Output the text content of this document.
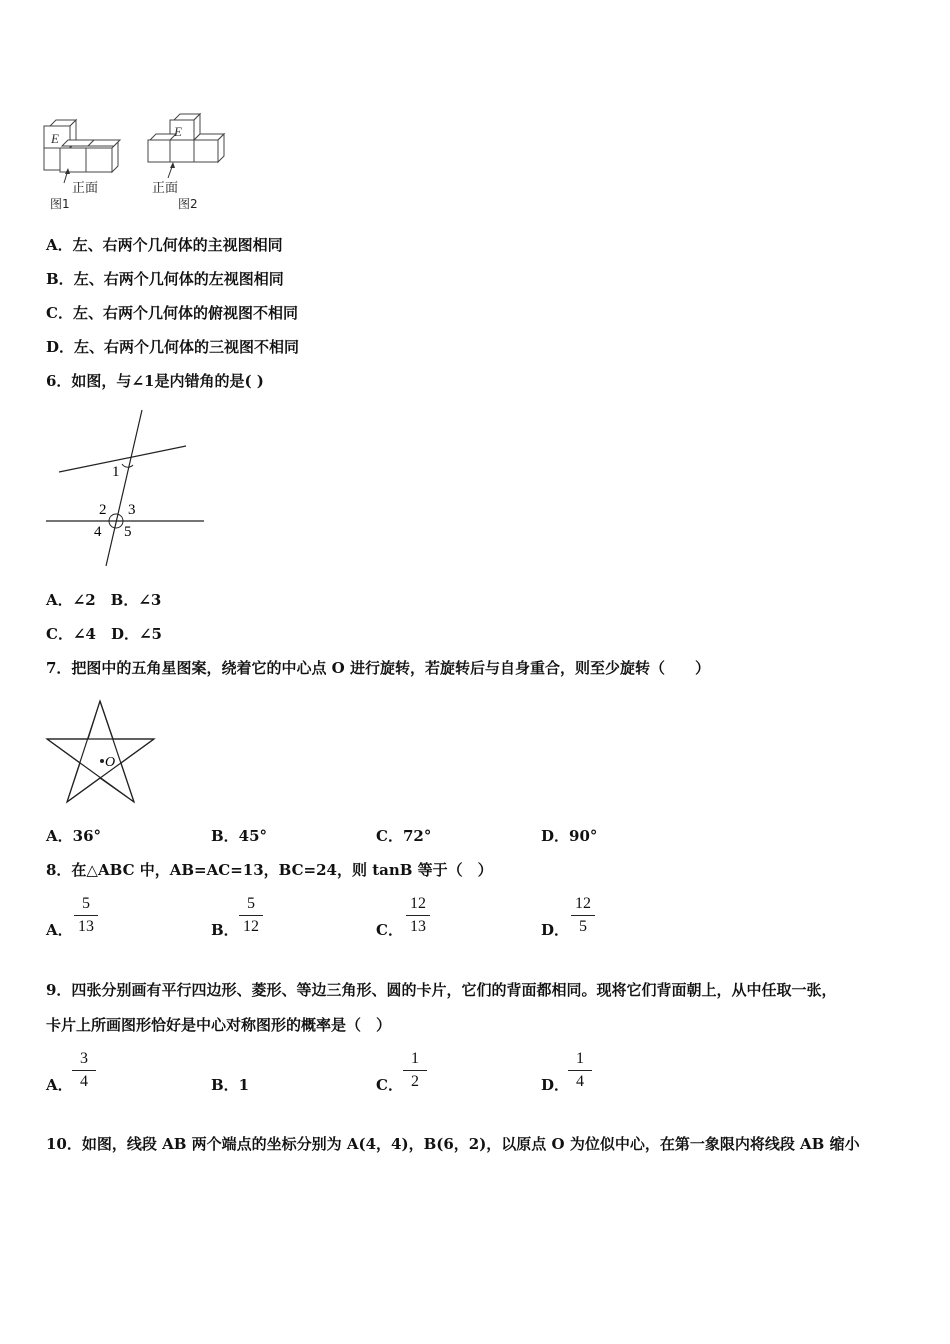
E
正面
图1
E
正面
图2
A．左、右两个几何体的主视图相同
B．左、右两个几何体的左视图相同
C．左、右两个几何体的俯视图不相同
D．左、右两个几何体的三视图不相同
6．如图，与∠1是内错角的是( )
1
2 3
4 5
A．∠2　B．∠3
C．∠4　D．∠5
7．把图中的五角星图案，绕着它的中心点 O 进行旋转，若旋转后与自身重合，则至少旋转（　　）
O
A．36°	B．45°	C．72°	D．90°
8．在△ABC 中，AB=AC=13，BC=24，则 tanB 等于（　）
A． $\frac{5}{13}$	B． $\frac{5}{12}$	C． $\frac{12}{13}$	D． $\frac{12}{5}$
9．四张分别画有平行四边形、菱形、等边三角形、圆的卡片，它们的背面都相同。现将它们背面朝上，从中任取一张，
卡片上所画图形恰好是中心对称图形的概率是（　）
A． $\frac{3}{4}$	B．1	C． $\frac{1}{2}$	D．
$\frac{1}{4}$
10．如图，线段 AB 两个端点的坐标分别为 A(4，4)，B(6，2)，以原点 O 为位似中心，在第一象限内将线段 AB 缩小
